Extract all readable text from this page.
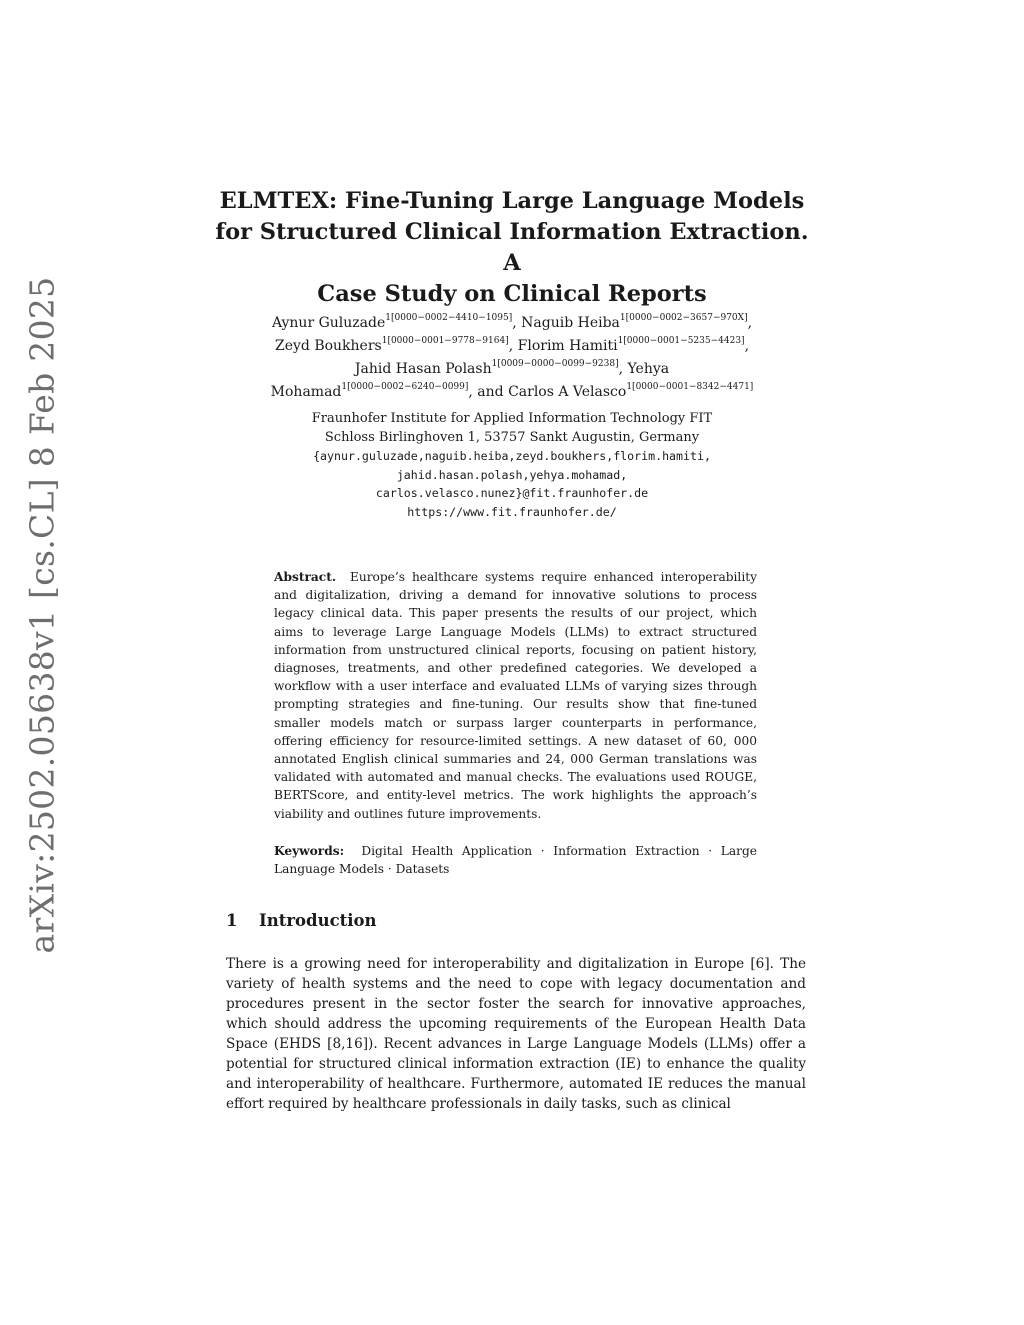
arXiv:2502.05638v1 [cs.CL] 8 Feb 2025
ELMTEX: Fine-Tuning Large Language Models
for Structured Clinical Information Extraction. A
Case Study on Clinical Reports
Aynur Guluzade$^{1[0000-0002-4410-1095]}$, Naguib Heiba$^{1[0000-0002-3657-970X]}$,
Zeyd Boukhers$^{1[0000-0001-9778-9164]}$, Florim Hamiti$^{1[0000-0001-5235-4423]}$,
Jahid Hasan Polash$^{1[0009-0000-0099-9238]}$, Yehya
Mohamad$^{1[0000-0002-6240-0099]}$, and Carlos A Velasco$^{1[0000-0001-8342-4471]}$
Fraunhofer Institute for Applied Information Technology FIT
Schloss Birlinghoven 1, 53757 Sankt Augustin, Germany
{aynur.guluzade,naguib.heiba,zeyd.boukhers,florim.hamiti,
jahid.hasan.polash,yehya.mohamad,
carlos.velasco.nunez}@fit.fraunhofer.de
https://www.fit.fraunhofer.de/
Abstract. Europe’s healthcare systems require enhanced interoperability and digitalization, driving a demand for innovative solutions to process legacy clinical data. This paper presents the results of our project, which aims to leverage Large Language Models (LLMs) to extract structured information from unstructured clinical reports, focusing on patient history, diagnoses, treatments, and other predefined categories. We developed a workflow with a user interface and evaluated LLMs of varying sizes through prompting strategies and fine-tuning. Our results show that fine-tuned smaller models match or surpass larger counterparts in performance, offering efficiency for resource-limited settings. A new dataset of 60, 000 annotated English clinical summaries and 24, 000 German translations was validated with automated and manual checks. The evaluations used ROUGE, BERTScore, and entity-level metrics. The work highlights the approach’s viability and outlines future improvements.
Keywords: Digital Health Application · Information Extraction · Large Language Models · Datasets
1 Introduction
There is a growing need for interoperability and digitalization in Europe [6]. The variety of health systems and the need to cope with legacy documentation and procedures present in the sector foster the search for innovative approaches, which should address the upcoming requirements of the European Health Data Space (EHDS [8,16]). Recent advances in Large Language Models (LLMs) offer a potential for structured clinical information extraction (IE) to enhance the quality and interoperability of healthcare. Furthermore, automated IE reduces the manual effort required by healthcare professionals in daily tasks, such as clinical
